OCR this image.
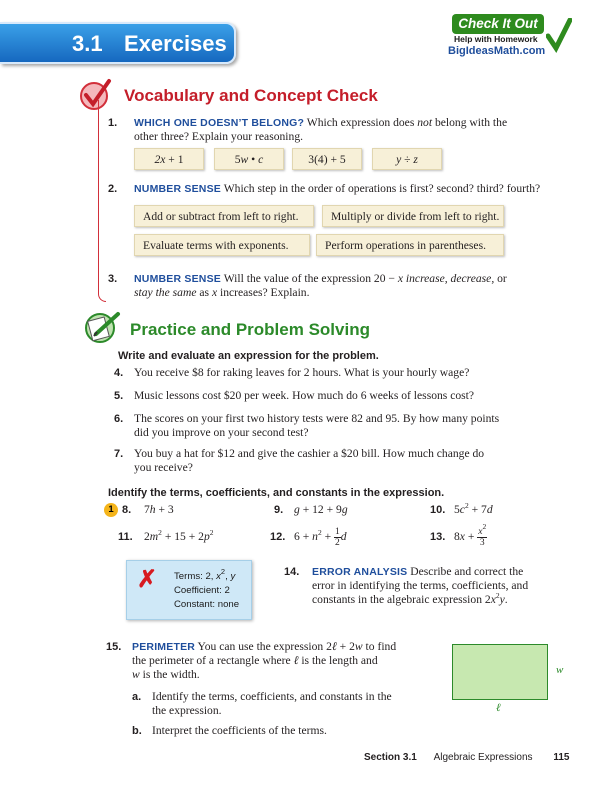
3.1 Exercises
Check It Out
Help with Homework
BigIdeasMath.com
Vocabulary and Concept Check
1. WHICH ONE DOESN’T BELONG? Which expression does not belong with the
other three? Explain your reasoning.
2x + 1	5w • c	3(4) + 5	y ÷ z
2. NUMBER SENSE Which step in the order of operations is first? second? third? fourth?
Add or subtract from left to right.	Multiply or divide from left to right.
Evaluate terms with exponents.	Perform operations in parentheses.
3. NUMBER SENSE Will the value of the expression 20 − x increase, decrease, or
stay the same as x increases? Explain.
Practice and Problem Solving
Write and evaluate an expression for the problem.
4. You receive $8 for raking leaves for 2 hours. What is your hourly wage?
5. Music lessons cost $20 per week. How much do 6 weeks of lessons cost?
6. The scores on your first two history tests were 82 and 95. By how many points
did you improve on your second test?
7. You buy a hat for $12 and give the cashier a $20 bill. How much change do
you receive?
Identify the terms, coefficients, and constants in the expression.
1 8. 7h + 3	9. g + 12 + 9g	10. $5c^2 + 7d$
11. $2m^2 + 15 + 2p^2$	12. $6 + n^2 + \frac{1}{2}$ d	13. $8x + \frac{x^2}{3}$
✗ Terms: 2, $x^2$, y
Coefficient: 2
Constant: none
14. ERROR ANALYSIS Describe and correct the
error in identifying the terms, coefficients, and
constants in the algebraic expression $2x^2y$.
15. PERIMETER You can use the expression 2ℓ + 2w to find
the perimeter of a rectangle where ℓ is the length and
w is the width.
a. Identify the terms, coefficients, and constants in the
the expression.
b. Interpret the coefficients of the terms.
w
ℓ
Section 3.1 Algebraic Expressions 115
